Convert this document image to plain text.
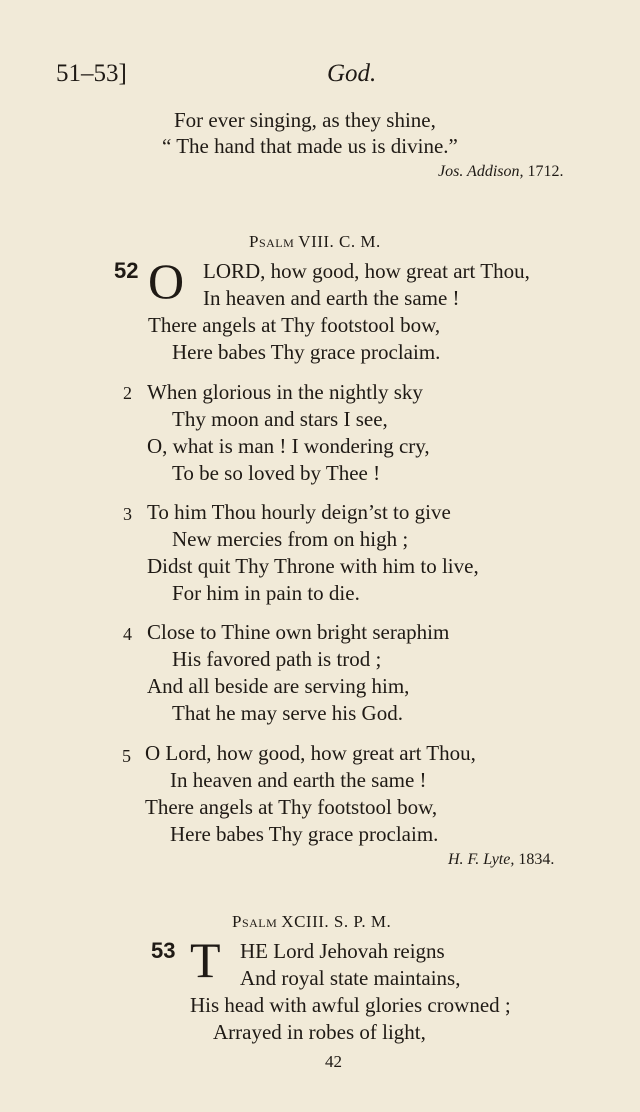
51–53]	God.
For ever singing, as they shine,
“ The hand that made us is divine.”
Jos. Addison, 1712.
Psalm VIII. C. M.
52 O LORD, how good, how great art Thou,
In heaven and earth the same !
There angels at Thy footstool bow,
Here babes Thy grace proclaim.
2 When glorious in the nightly sky
Thy moon and stars I see,
O, what is man ! I wondering cry,
To be so loved by Thee !
3 To him Thou hourly deign’st to give
New mercies from on high ;
Didst quit Thy Throne with him to live,
For him in pain to die.
4 Close to Thine own bright seraphim
His favored path is trod ;
And all beside are serving him,
That he may serve his God.
5 O Lord, how good, how great art Thou,
In heaven and earth the same !
There angels at Thy footstool bow,
Here babes Thy grace proclaim.
H. F. Lyte, 1834.
Psalm XCIII. S. P. M.
53 T HE Lord Jehovah reigns
And royal state maintains,
His head with awful glories crowned ;
Arrayed in robes of light,
42
